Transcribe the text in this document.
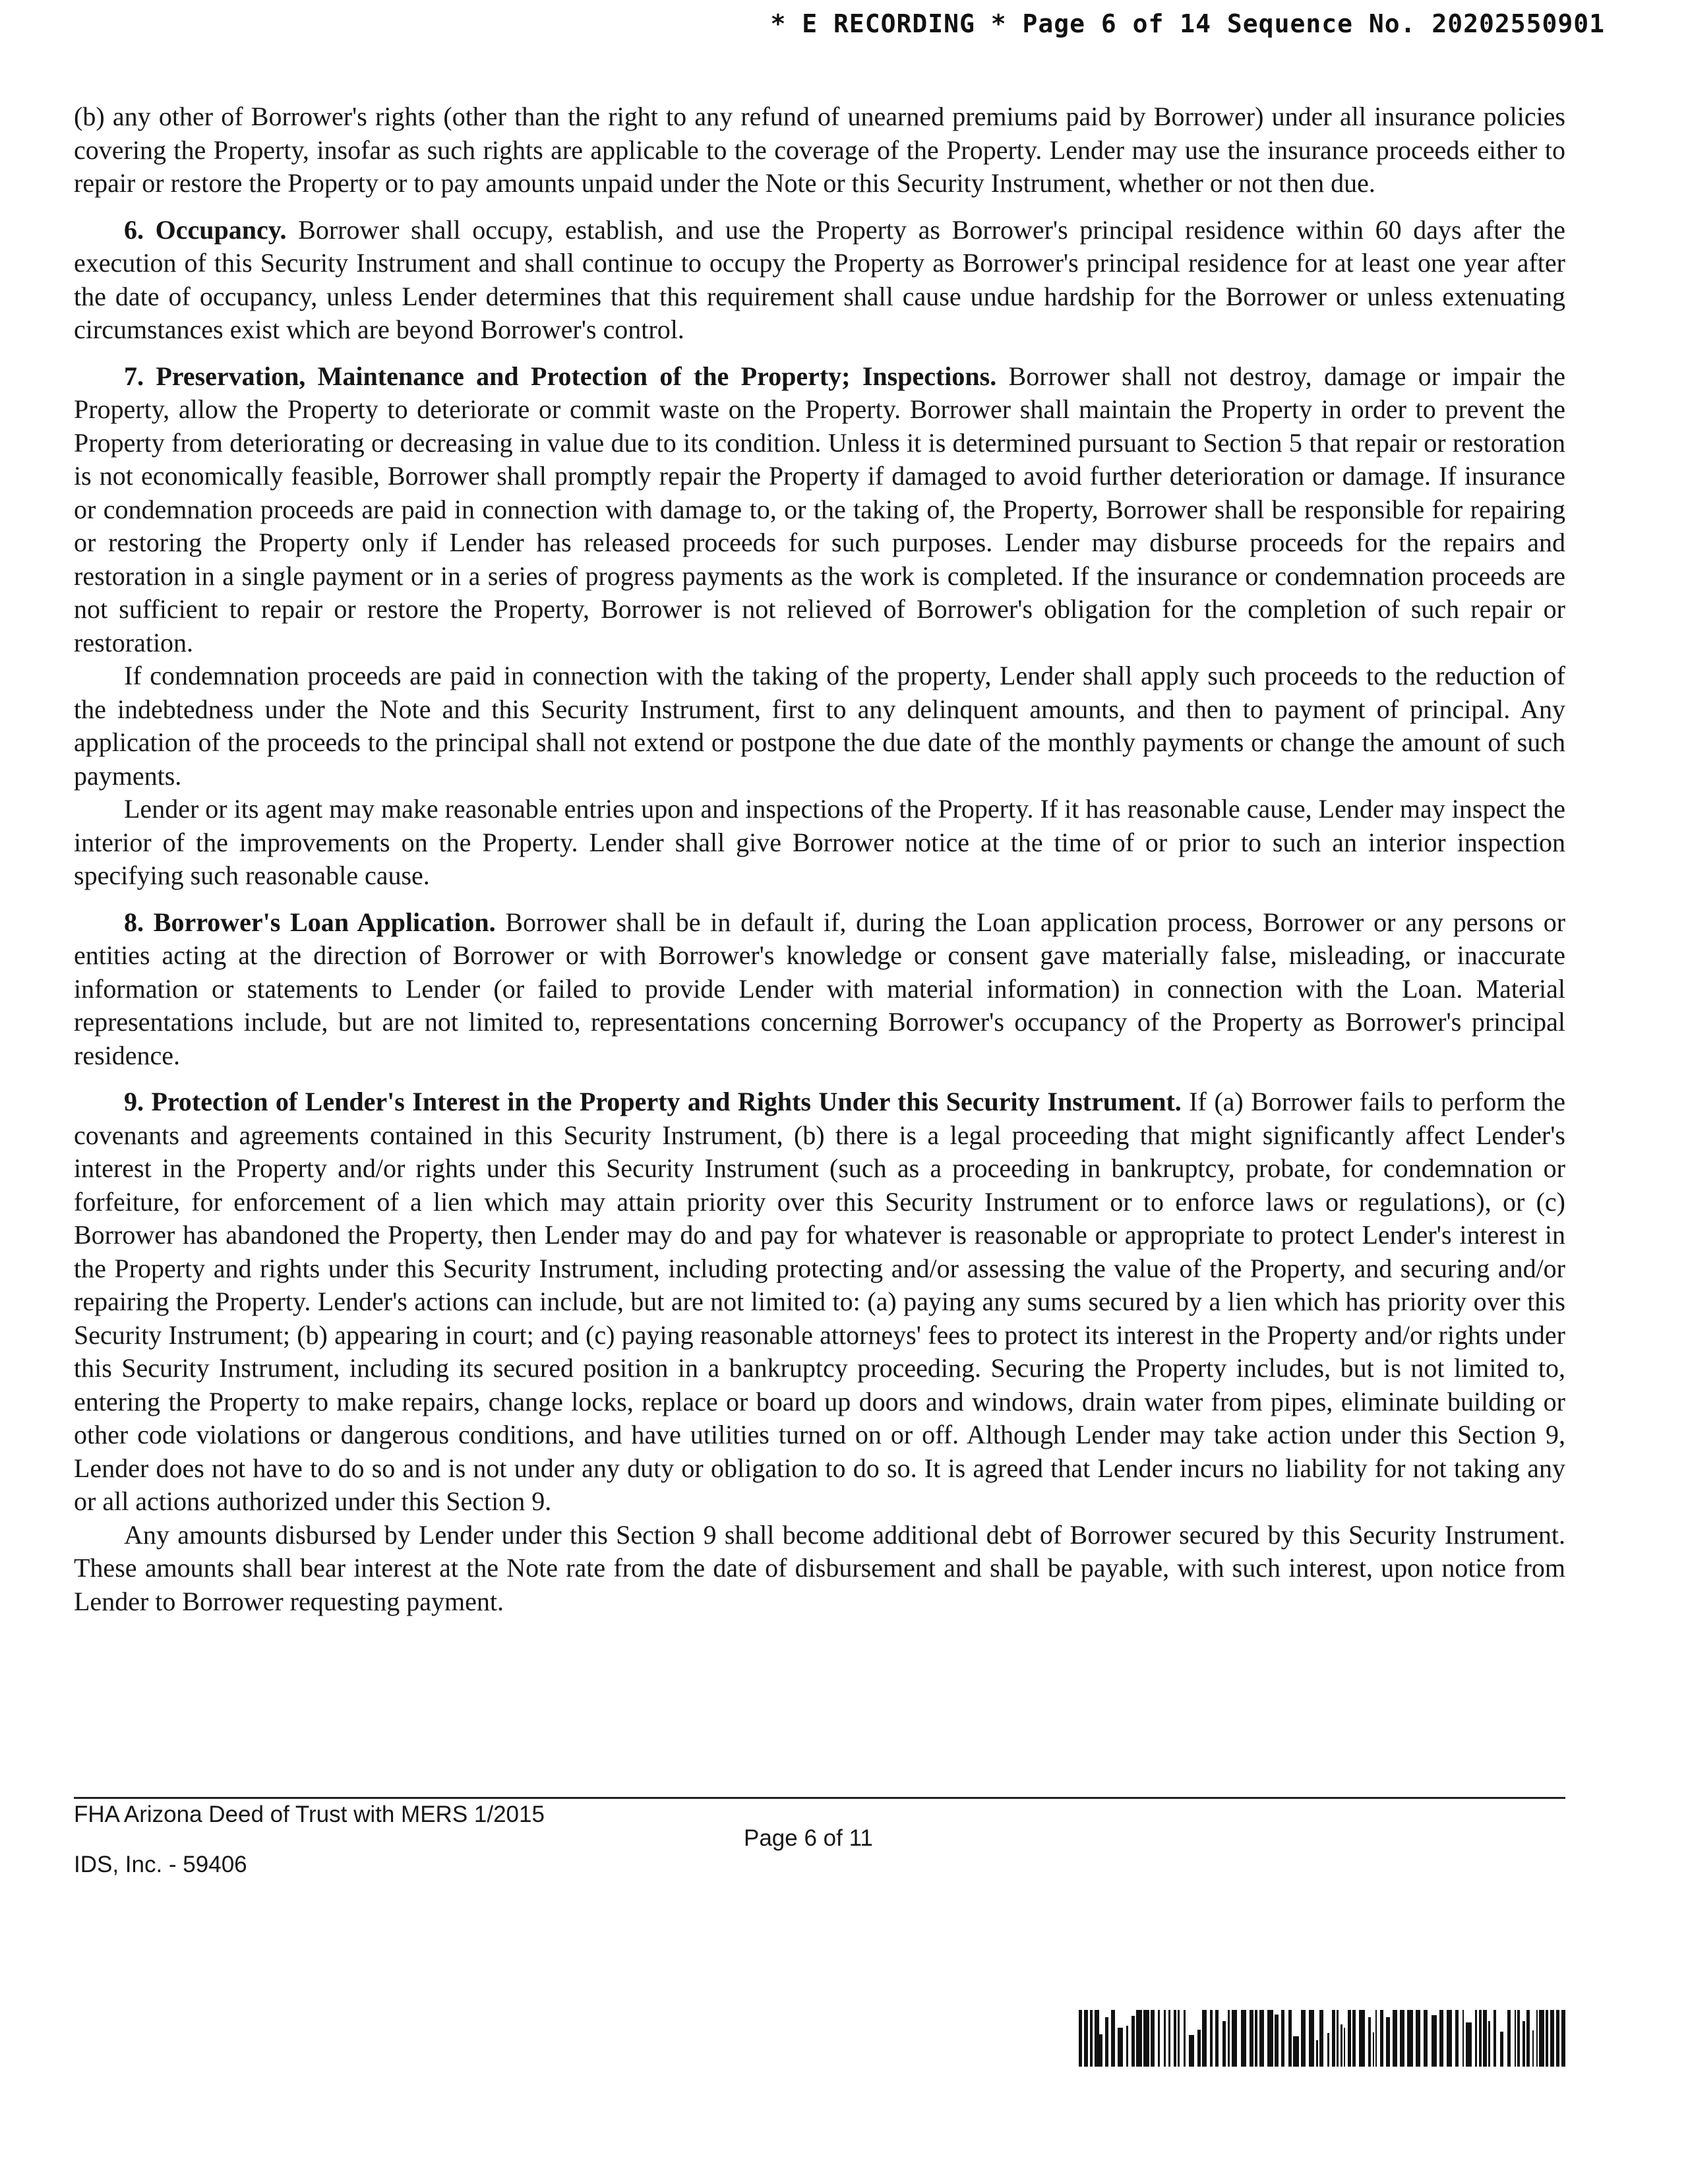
* E RECORDING * Page 6 of 14 Sequence No. 20202550901

(b) any other of Borrower's rights (other than the right to any refund of unearned premiums paid by Borrower) under all insurance policies covering the Property, insofar as such rights are applicable to the coverage of the Property. Lender may use the insurance proceeds either to repair or restore the Property or to pay amounts unpaid under the Note or this Security Instrument, whether or not then due.

6. Occupancy. Borrower shall occupy, establish, and use the Property as Borrower's principal residence within 60 days after the execution of this Security Instrument and shall continue to occupy the Property as Borrower's principal residence for at least one year after the date of occupancy, unless Lender determines that this requirement shall cause undue hardship for the Borrower or unless extenuating circumstances exist which are beyond Borrower's control.

7. Preservation, Maintenance and Protection of the Property; Inspections. Borrower shall not destroy, damage or impair the Property, allow the Property to deteriorate or commit waste on the Property. Borrower shall maintain the Property in order to prevent the Property from deteriorating or decreasing in value due to its condition. Unless it is determined pursuant to Section 5 that repair or restoration is not economically feasible, Borrower shall promptly repair the Property if damaged to avoid further deterioration or damage. If insurance or condemnation proceeds are paid in connection with damage to, or the taking of, the Property, Borrower shall be responsible for repairing or restoring the Property only if Lender has released proceeds for such purposes. Lender may disburse proceeds for the repairs and restoration in a single payment or in a series of progress payments as the work is completed. If the insurance or condemnation proceeds are not sufficient to repair or restore the Property, Borrower is not relieved of Borrower's obligation for the completion of such repair or restoration.

If condemnation proceeds are paid in connection with the taking of the property, Lender shall apply such proceeds to the reduction of the indebtedness under the Note and this Security Instrument, first to any delinquent amounts, and then to payment of principal. Any application of the proceeds to the principal shall not extend or postpone the due date of the monthly payments or change the amount of such payments.

Lender or its agent may make reasonable entries upon and inspections of the Property. If it has reasonable cause, Lender may inspect the interior of the improvements on the Property. Lender shall give Borrower notice at the time of or prior to such an interior inspection specifying such reasonable cause.

8. Borrower's Loan Application. Borrower shall be in default if, during the Loan application process, Borrower or any persons or entities acting at the direction of Borrower or with Borrower's knowledge or consent gave materially false, misleading, or inaccurate information or statements to Lender (or failed to provide Lender with material information) in connection with the Loan. Material representations include, but are not limited to, representations concerning Borrower's occupancy of the Property as Borrower's principal residence.

9. Protection of Lender's Interest in the Property and Rights Under this Security Instrument. If (a) Borrower fails to perform the covenants and agreements contained in this Security Instrument, (b) there is a legal proceeding that might significantly affect Lender's interest in the Property and/or rights under this Security Instrument (such as a proceeding in bankruptcy, probate, for condemnation or forfeiture, for enforcement of a lien which may attain priority over this Security Instrument or to enforce laws or regulations), or (c) Borrower has abandoned the Property, then Lender may do and pay for whatever is reasonable or appropriate to protect Lender's interest in the Property and rights under this Security Instrument, including protecting and/or assessing the value of the Property, and securing and/or repairing the Property. Lender's actions can include, but are not limited to: (a) paying any sums secured by a lien which has priority over this Security Instrument; (b) appearing in court; and (c) paying reasonable attorneys' fees to protect its interest in the Property and/or rights under this Security Instrument, including its secured position in a bankruptcy proceeding. Securing the Property includes, but is not limited to, entering the Property to make repairs, change locks, replace or board up doors and windows, drain water from pipes, eliminate building or other code violations or dangerous conditions, and have utilities turned on or off. Although Lender may take action under this Section 9, Lender does not have to do so and is not under any duty or obligation to do so. It is agreed that Lender incurs no liability for not taking any or all actions authorized under this Section 9.

Any amounts disbursed by Lender under this Section 9 shall become additional debt of Borrower secured by this Security Instrument. These amounts shall bear interest at the Note rate from the date of disbursement and shall be payable, with such interest, upon notice from Lender to Borrower requesting payment.

FHA Arizona Deed of Trust with MERS 1/2015
Page 6 of 11
IDS, Inc. - 59406
